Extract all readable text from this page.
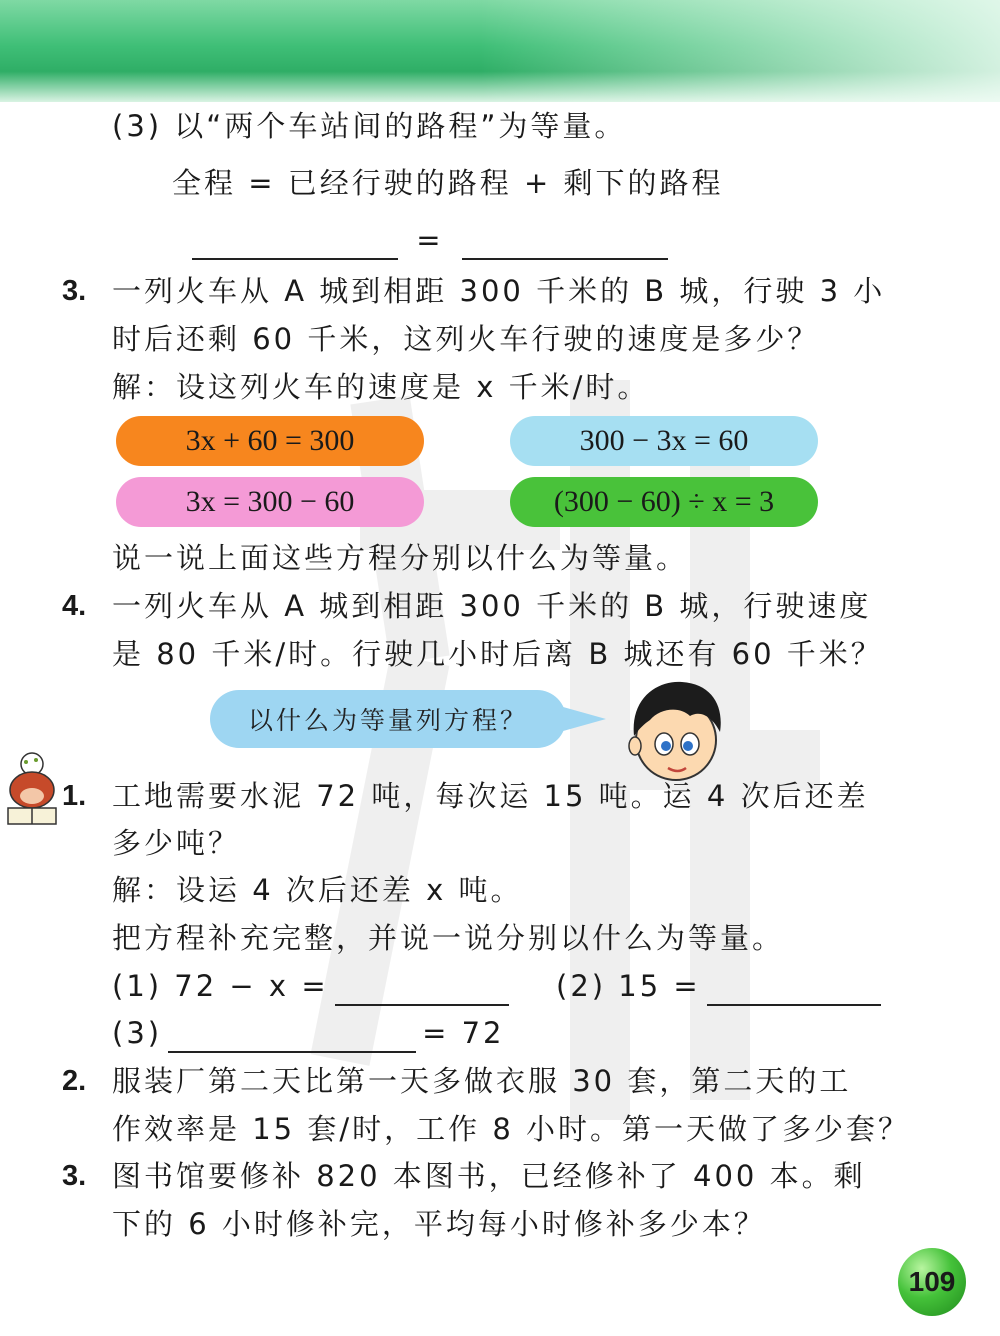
(3) 以“两个车站间的路程”为等量。
全程 = 已经行驶的路程 + 剩下的路程
=
3. 一列火车从 A 城到相距 300 千米的 B 城，行驶 3 小
时后还剩 60 千米，这列火车行驶的速度是多少？
解：设这列火车的速度是 x 千米/时。
3x + 60 = 300	300 − 3x = 60
3x = 300 − 60	(300 − 60) ÷ x = 3
说一说上面这些方程分别以什么为等量。
4. 一列火车从 A 城到相距 300 千米的 B 城，行驶速度
是 80 千米/时。行驶几小时后离 B 城还有 60 千米？
以什么为等量列方程？
1. 工地需要水泥 72 吨，每次运 15 吨。运 4 次后还差
多少吨？
解：设运 4 次后还差 x 吨。
把方程补充完整，并说一说分别以什么为等量。
(1) 72 − x =	(2) 15 =
(3)	= 72
2. 服装厂第二天比第一天多做衣服 30 套，第二天的工
作效率是 15 套/时，工作 8 小时。第一天做了多少套？
3. 图书馆要修补 820 本图书，已经修补了 400 本。剩
下的 6 小时修补完，平均每小时修补多少本？
109
